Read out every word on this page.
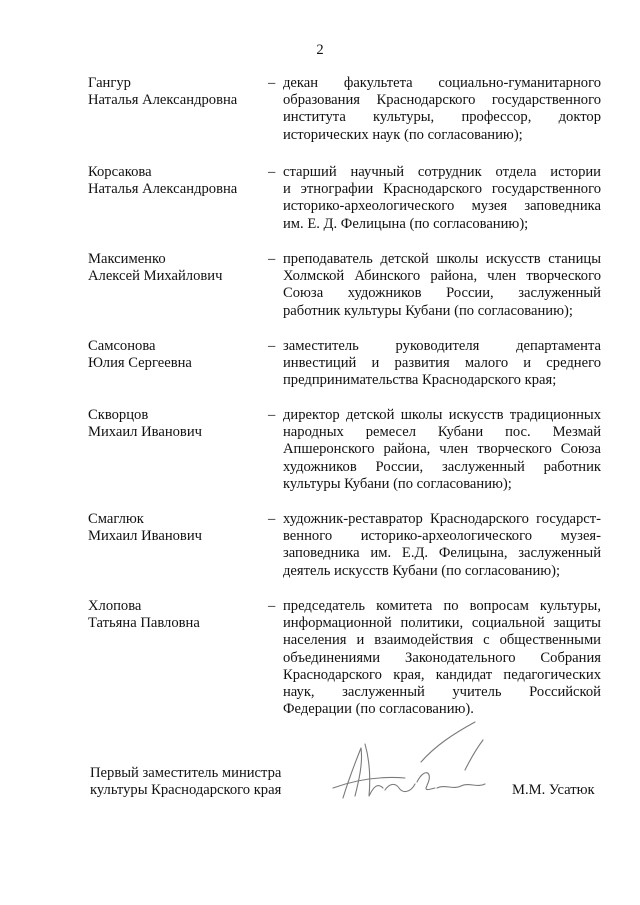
2
Гангур
Наталья Александровна
– декан факультета социально-гуманитарного
образования Краснодарского государственного
института культуры, профессор, доктор
исторических наук (по согласованию);
Корсакова
Наталья Александровна
– старший научный сотрудник отдела истории
и этнографии Краснодарского государственного
историко-археологического музея заповедника
им. Е. Д. Фелицына (по согласованию);
Максименко
Алексей Михайлович
– преподаватель детской школы искусств станицы
Холмской Абинского района, член творческого
Союза художников России, заслуженный
работник культуры Кубани (по согласованию);
Самсонова
Юлия Сергеевна
– заместитель руководителя департамента
инвестиций и развития малого и среднего
предпринимательства Краснодарского края;
Скворцов
Михаил Иванович
– директор детской школы искусств традиционных
народных ремесел Кубани пос. Мезмай
Апшеронского района, член творческого Союза
художников России, заслуженный работник
культуры Кубани (по согласованию);
Смаглюк
Михаил Иванович
– художник-реставратор Краснодарского государст-
венного историко-археологического музея-
заповедника им. Е.Д. Фелицына, заслуженный
деятель искусств Кубани (по согласованию);
Хлопова
Татьяна Павловна
– председатель комитета по вопросам культуры,
информационной политики, социальной защиты
населения и взаимодействия с общественными
объединениями Законодательного Собрания
Краснодарского края, кандидат педагогических
наук, заслуженный учитель Российской
Федерации (по согласованию).
Первый заместитель министра
культуры Краснодарского края	М.М. Усатюк
